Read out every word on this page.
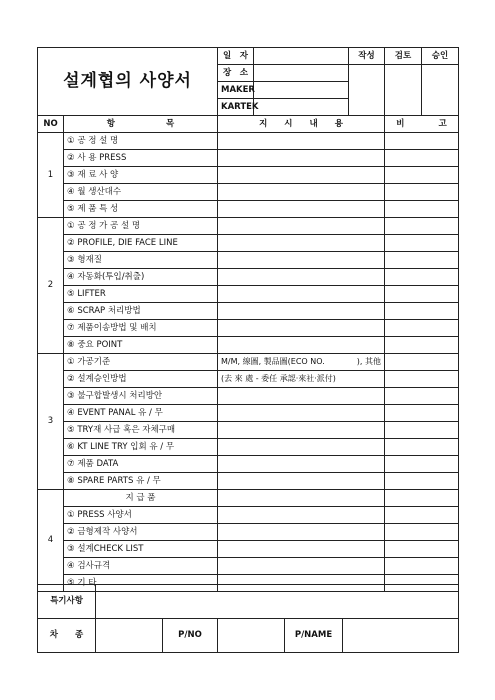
설계협의 사양서	일　자		작성	검토	승인
	장　소				
	MAKER				
	KARTEK				
NO	항　　　　　　목	지　　시　　내　　용	비　　　　고
1	① 공 정 설 명		
	② 사 용 PRESS		
	③ 재 료 사 양		
	④ 월 생산대수		
	⑤ 제 품 특 성		
2	① 공 정 가 공 설 명		
	② PROFILE, DIE FACE LINE		
	③ 형재질		
	④ 자동화(투입/취출)		
	⑤ LIFTER		
	⑥ SCRAP 처리방법		
	⑦ 제품이송방법 및 배치		
	⑧ 중요 POINT		
3	① 가공기준	M/M, 線圖, 製品圖(ECO NO.　　　　), 其他	
	② 설계승인방법	(去 來 處 - 委任 承認·來社·派付)	
	③ 불구합발생시 처리방안		
	④ EVENT PANAL 유 / 무		
	⑤ TRY재 사급 혹은 자체구매		
	⑥ KT LINE TRY 입회 유 / 무		
	⑦ 제품 DATA		
	⑧ SPARE PARTS 유 / 무		
4	지 급 품		
	① PRESS 사양서		
	② 금형제작 사양서		
	③ 설계CHECK LIST		
	④ 검사규격		
	⑤ 기 타		
특기사항					
차　　종		P/NO		P/NAME	
